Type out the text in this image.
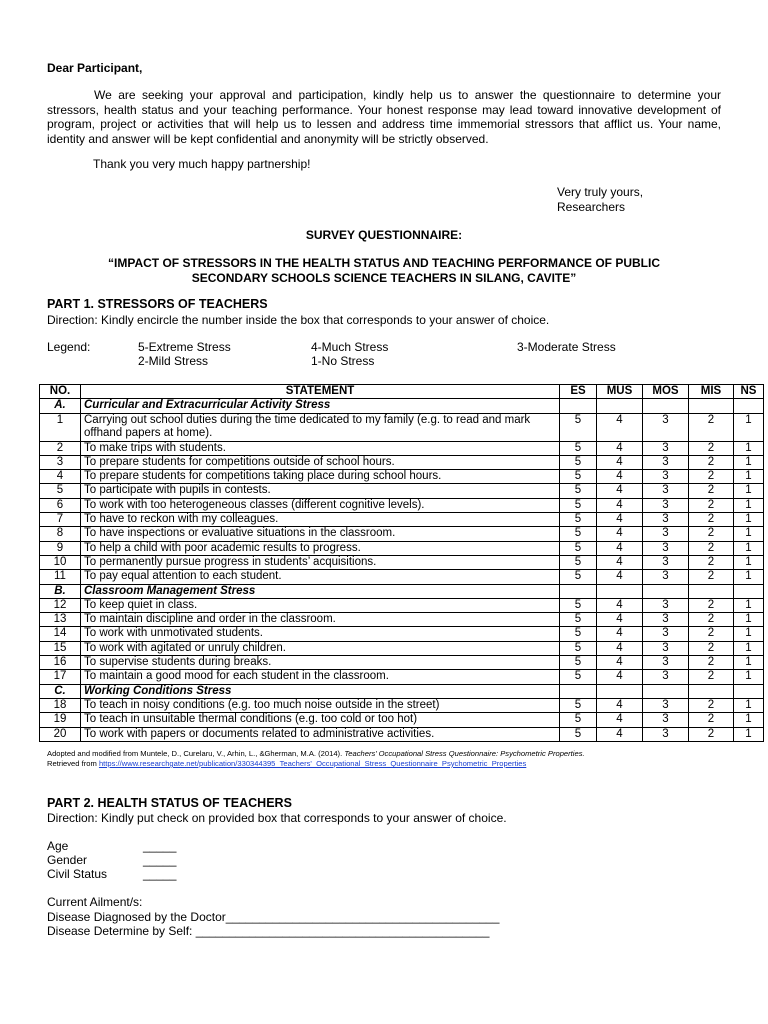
Dear Participant,
We are seeking your approval and participation, kindly help us to answer the questionnaire to determine your stressors, health status and your teaching performance. Your honest response may lead toward innovative development of program, project or activities that will help us to lessen and address time immemorial stressors that afflict us. Your name, identity and answer will be kept confidential and anonymity will be strictly observed.
Thank you very much happy partnership!
Very truly yours,
Researchers
SURVEY QUESTIONNAIRE:
“IMPACT OF STRESSORS IN THE HEALTH STATUS AND TEACHING PERFORMANCE OF PUBLIC
SECONDARY SCHOOLS SCIENCE TEACHERS IN SILANG, CAVITE”
PART 1. STRESSORS OF TEACHERS
Direction: Kindly encircle the number inside the box that corresponds to your answer of choice.
Legend:	5-Extreme Stress	4-Much Stress	3-Moderate Stress
2-Mild Stress	1-No Stress
NO.	STATEMENT	ES	MUS	MOS	MIS	NS
A.	Curricular and Extracurricular Activity Stress					
1	Carrying out school duties during the time dedicated to my family (e.g. to read and mark offhand papers at home).	5	4	3	2	1
2	To make trips with students.	5	4	3	2	1
3	To prepare students for competitions outside of school hours.	5	4	3	2	1
4	To prepare students for competitions taking place during school hours.	5	4	3	2	1
5	To participate with pupils in contests.	5	4	3	2	1
6	To work with too heterogeneous classes (different cognitive levels).	5	4	3	2	1
7	To have to reckon with my colleagues.	5	4	3	2	1
8	To have inspections or evaluative situations in the classroom.	5	4	3	2	1
9	To help a child with poor academic results to progress.	5	4	3	2	1
10	To permanently pursue progress in students’ acquisitions.	5	4	3	2	1
11	To pay equal attention to each student.	5	4	3	2	1
B.	Classroom Management Stress					
12	To keep quiet in class.	5	4	3	2	1
13	To maintain discipline and order in the classroom.	5	4	3	2	1
14	To work with unmotivated students.	5	4	3	2	1
15	To work with agitated or unruly children.	5	4	3	2	1
16	To supervise students during breaks.	5	4	3	2	1
17	To maintain a good mood for each student in the classroom.	5	4	3	2	1
C.	Working Conditions Stress					
18	To teach in noisy conditions (e.g. too much noise outside in the street)	5	4	3	2	1
19	To teach in unsuitable thermal conditions (e.g. too cold or too hot)	5	4	3	2	1
20	To work with papers or documents related to administrative activities.	5	4	3	2	1
Adopted and modified from Muntele, D., Curelaru, V., Arhin, L., &Gherman, M.A. (2014). Teachers’ Occupational Stress Questionnaire: Psychometric Properties.
Retrieved from https://www.researchgate.net/publication/330344395_Teachers'_Occupational_Stress_Questionnaire_Psychometric_Properties
PART 2. HEALTH STATUS OF TEACHERS
Direction: Kindly put check on provided box that corresponds to your answer of choice.
Age	_____
Gender	_____
Civil Status	_____
Current Ailment/s:
Disease Diagnosed by the Doctor_________________________________________
Disease Determine by Self: ____________________________________________
